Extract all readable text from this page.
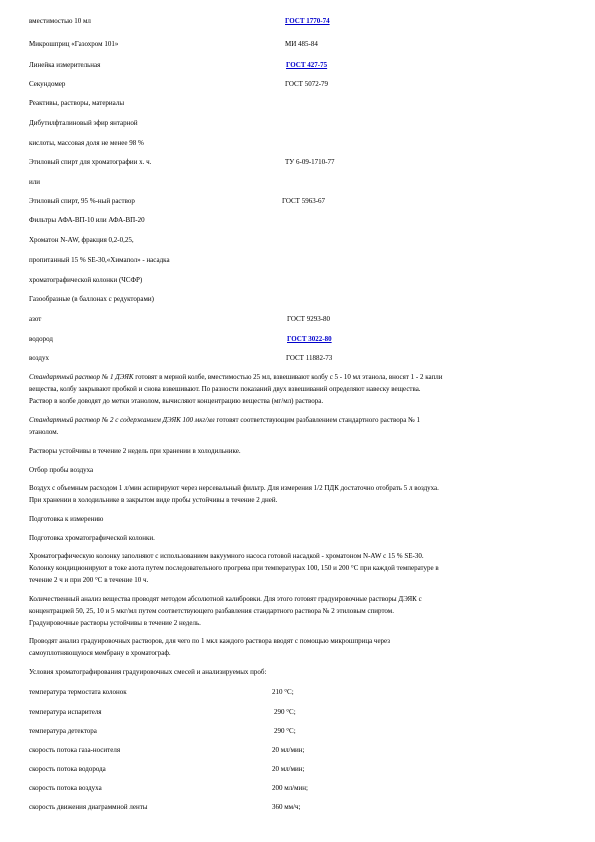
вместимостью 10 мл	ГОСТ 1770-74
Микрошприц «Газохром 101»	МИ 485-84
Линейка измерительная	ГОСТ 427-75
Секундомер	ГОСТ 5072-79
Реактивы, растворы, материалы
Дибутилфталиновый эфир янтарной
кислоты, массовая доля не менее 98 %
Этиловый спирт для хроматографии х. ч.	ТУ 6-09-1710-77
или
Этиловый спирт, 95 %-ный раствор	ГОСТ 5963-67
Фильтры АФА-ВП-10 или АФА-ВП-20
Хроматон N-AW, фракция 0,2-0,25,
пропитанный 15 % SE-30,«Химапол» - насадка
хроматографической колонки (ЧСФР)
Газообразные (в баллонах с редукторами)
азот	ГОСТ 9293-80
водород	ГОСТ 3022-80
воздух	ГОСТ 11882-73
Стандартный раствор № 1 ДЭЯК готовят в мерной колбе, вместимостью 25 мл, взвешивают колбу с 5 - 10 мл этанола, вносят 1 - 2 капли
вещества, колбу закрывают пробкой и снова взвешивают. По разности показаний двух взвешиваний определяют навеску вещества.
Раствор в колбе доводят до метки этанолом, вычисляют концентрацию вещества (мг/мл) раствора.
Стандартный раствор № 2 с содержанием ДЭЯК 100 мкг/мл готовят соответствующим разбавлением стандартного раствора № 1
этанолом.
Растворы устойчивы в течение 2 недель при хранении в холодильнике.
Отбор пробы воздуха
Воздух с объемным расходом 1 л/мин аспирируют через нерсевальный фильтр. Для измерения 1/2 ПДК достаточно отобрать 5 л воздуха.
При хранении в холодильнике в закрытом виде пробы устойчивы в течение 2 дней.
Подготовка к измерению
Подготовка хроматографической колонки.
Хроматографическую колонку заполняют с использованием вакуумного насоса готовой насадкой - хроматоном N-AW с 15 % SE-30.
Колонку кондиционируют в токе азота путем последовательного прогрева при температурах 100, 150 и 200 °С при каждой температуре в
течение 2 ч и при 200 °С в течение 10 ч.
Количественный анализ вещества проводят методом абсолютной калибровки. Для этого готовят градуировочные растворы ДЭЯК с
концентрацией 50, 25, 10 и 5 мкг/мл путем соответствующего разбавления стандартного раствора № 2 этиловым спиртом.
Градуировочные растворы устойчивы в течение 2 недель.
Проводят анализ градуировочных растворов, для чего по 1 мкл каждого раствора вводят с помощью микрошприца через
самоуплотняющуюся мембрану в хроматограф.
Условия хроматографирования градуировочных смесей и анализируемых проб:
температура термостата колонок	210 °С;
температура испарителя	290 °С;
температура детектора	290 °С;
скорость потока газа-носителя	20 мл/мин;
скорость потока водорода	20 мл/мин;
скорость потока воздуха	200 мл/мин;
скорость движения диаграммной ленты	360 мм/ч;
